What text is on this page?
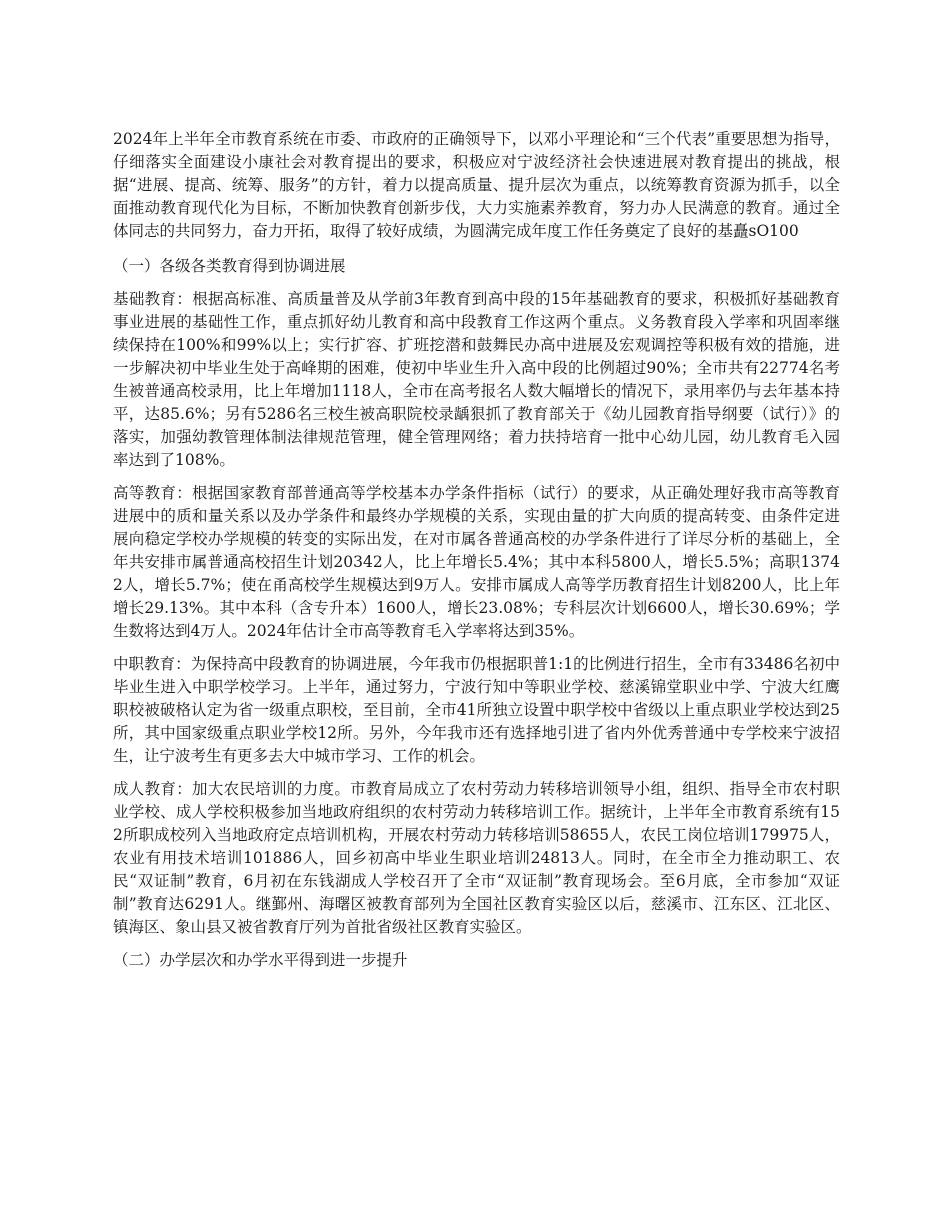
2024年上半年全市教育系统在市委、市政府的正确领导下，以邓小平理论和“三个代表”重要思想为指导，仔细落实全面建设小康社会对教育提出的要求，积极应对宁波经济社会快速进展对教育提出的挑战，根据“进展、提高、统筹、服务”的方针，着力以提高质量、提升层次为重点，以统筹教育资源为抓手，以全面推动教育现代化为目标，不断加快教育创新步伐，大力实施素养教育，努力办人民满意的教育。通过全体同志的共同努力，奋力开拓，取得了较好成绩，为圆满完成年度工作任务奠定了良好的基矗sO100

（一）各级各类教育得到协调进展

基础教育：根据高标准、高质量普及从学前3年教育到高中段的15年基础教育的要求，积极抓好基础教育事业进展的基础性工作，重点抓好幼儿教育和高中段教育工作这两个重点。义务教育段入学率和巩固率继续保持在100%和99%以上；实行扩容、扩班挖潜和鼓舞民办高中进展及宏观调控等积极有效的措施，进一步解决初中毕业生处于高峰期的困难，使初中毕业生升入高中段的比例超过90%；全市共有22774名考生被普通高校录用，比上年增加1118人，全市在高考报名人数大幅增长的情况下，录用率仍与去年基本持平，达85.6%；另有5286名三校生被高职院校录龋狠抓了教育部关于《幼儿园教育指导纲要（试行）》的落实，加强幼教管理体制法律规范管理，健全管理网络；着力扶持培育一批中心幼儿园，幼儿教育毛入园率达到了108%。

高等教育：根据国家教育部普通高等学校基本办学条件指标（试行）的要求，从正确处理好我市高等教育进展中的质和量关系以及办学条件和最终办学规模的关系，实现由量的扩大向质的提高转变、由条件定进展向稳定学校办学规模的转变的实际出发，在对市属各普通高校的办学条件进行了详尽分析的基础上，全年共安排市属普通高校招生计划20342人，比上年增长5.4%；其中本科5800人，增长5.5%；高职13742人，增长5.7%；使在甬高校学生规模达到9万人。安排市属成人高等学历教育招生计划8200人，比上年增长29.13%。其中本科（含专升本）1600人，增长23.08%；专科层次计划6600人，增长30.69%；学生数将达到4万人。2024年估计全市高等教育毛入学率将达到35%。

中职教育：为保持高中段教育的协调进展，今年我市仍根据职普1:1的比例进行招生，全市有33486名初中毕业生进入中职学校学习。上半年，通过努力，宁波行知中等职业学校、慈溪锦堂职业中学、宁波大红鹰职校被破格认定为省一级重点职校，至目前，全市41所独立设置中职学校中省级以上重点职业学校达到25所，其中国家级重点职业学校12所。另外，今年我市还有选择地引进了省内外优秀普通中专学校来宁波招生，让宁波考生有更多去大中城市学习、工作的机会。

成人教育：加大农民培训的力度。市教育局成立了农村劳动力转移培训领导小组，组织、指导全市农村职业学校、成人学校积极参加当地政府组织的农村劳动力转移培训工作。据统计，上半年全市教育系统有152所职成校列入当地政府定点培训机构，开展农村劳动力转移培训58655人，农民工岗位培训179975人，农业有用技术培训101886人，回乡初高中毕业生职业培训24813人。同时，在全市全力推动职工、农民“双证制”教育，6月初在东钱湖成人学校召开了全市“双证制”教育现场会。至6月底，全市参加“双证制”教育达6291人。继鄞州、海曙区被教育部列为全国社区教育实验区以后，慈溪市、江东区、江北区、镇海区、象山县又被省教育厅列为首批省级社区教育实验区。

（二）办学层次和办学水平得到进一步提升
